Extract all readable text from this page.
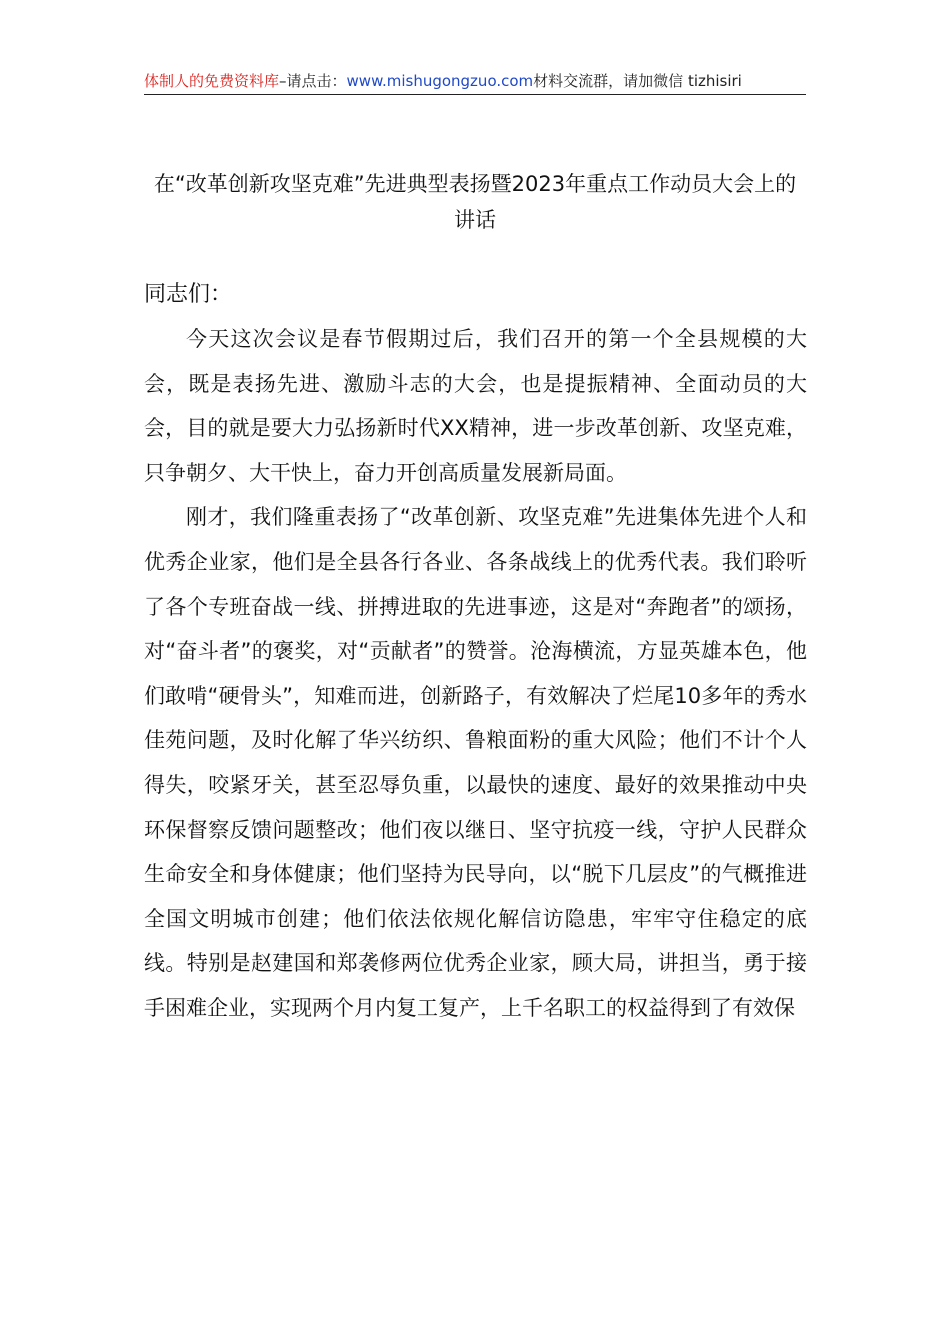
体制人的免费资料库–请点击：www.mishugongzuo.com材料交流群，请加微信 tizhisiri
在“改革创新攻坚克难”先进典型表扬暨2023年重点工作动员大会上的讲话

同志们：

今天这次会议是春节假期过后，我们召开的第一个全县规模的大会，既是表扬先进、激励斗志的大会，也是提振精神、全面动员的大会，目的就是要大力弘扬新时代XX精神，进一步改革创新、攻坚克难，只争朝夕、大干快上，奋力开创高质量发展新局面。

刚才，我们隆重表扬了“改革创新、攻坚克难”先进集体先进个人和优秀企业家，他们是全县各行各业、各条战线上的优秀代表。我们聆听了各个专班奋战一线、拼搏进取的先进事迹，这是对“奔跑者”的颂扬，对“奋斗者”的褒奖，对“贡献者”的赞誉。沧海横流，方显英雄本色，他们敢啃“硬骨头”，知难而进，创新路子，有效解决了烂尾10多年的秀水佳苑问题，及时化解了华兴纺织、鲁粮面粉的重大风险；他们不计个人得失，咬紧牙关，甚至忍辱负重，以最快的速度、最好的效果推动中央环保督察反馈问题整改；他们夜以继日、坚守抗疫一线，守护人民群众生命安全和身体健康；他们坚持为民导向，以“脱下几层皮”的气概推进全国文明城市创建；他们依法依规化解信访隐患，牢牢守住稳定的底线。特别是赵建国和郑袭修两位优秀企业家，顾大局，讲担当，勇于接手困难企业，实现两个月内复工复产，上千名职工的权益得到了有效保
